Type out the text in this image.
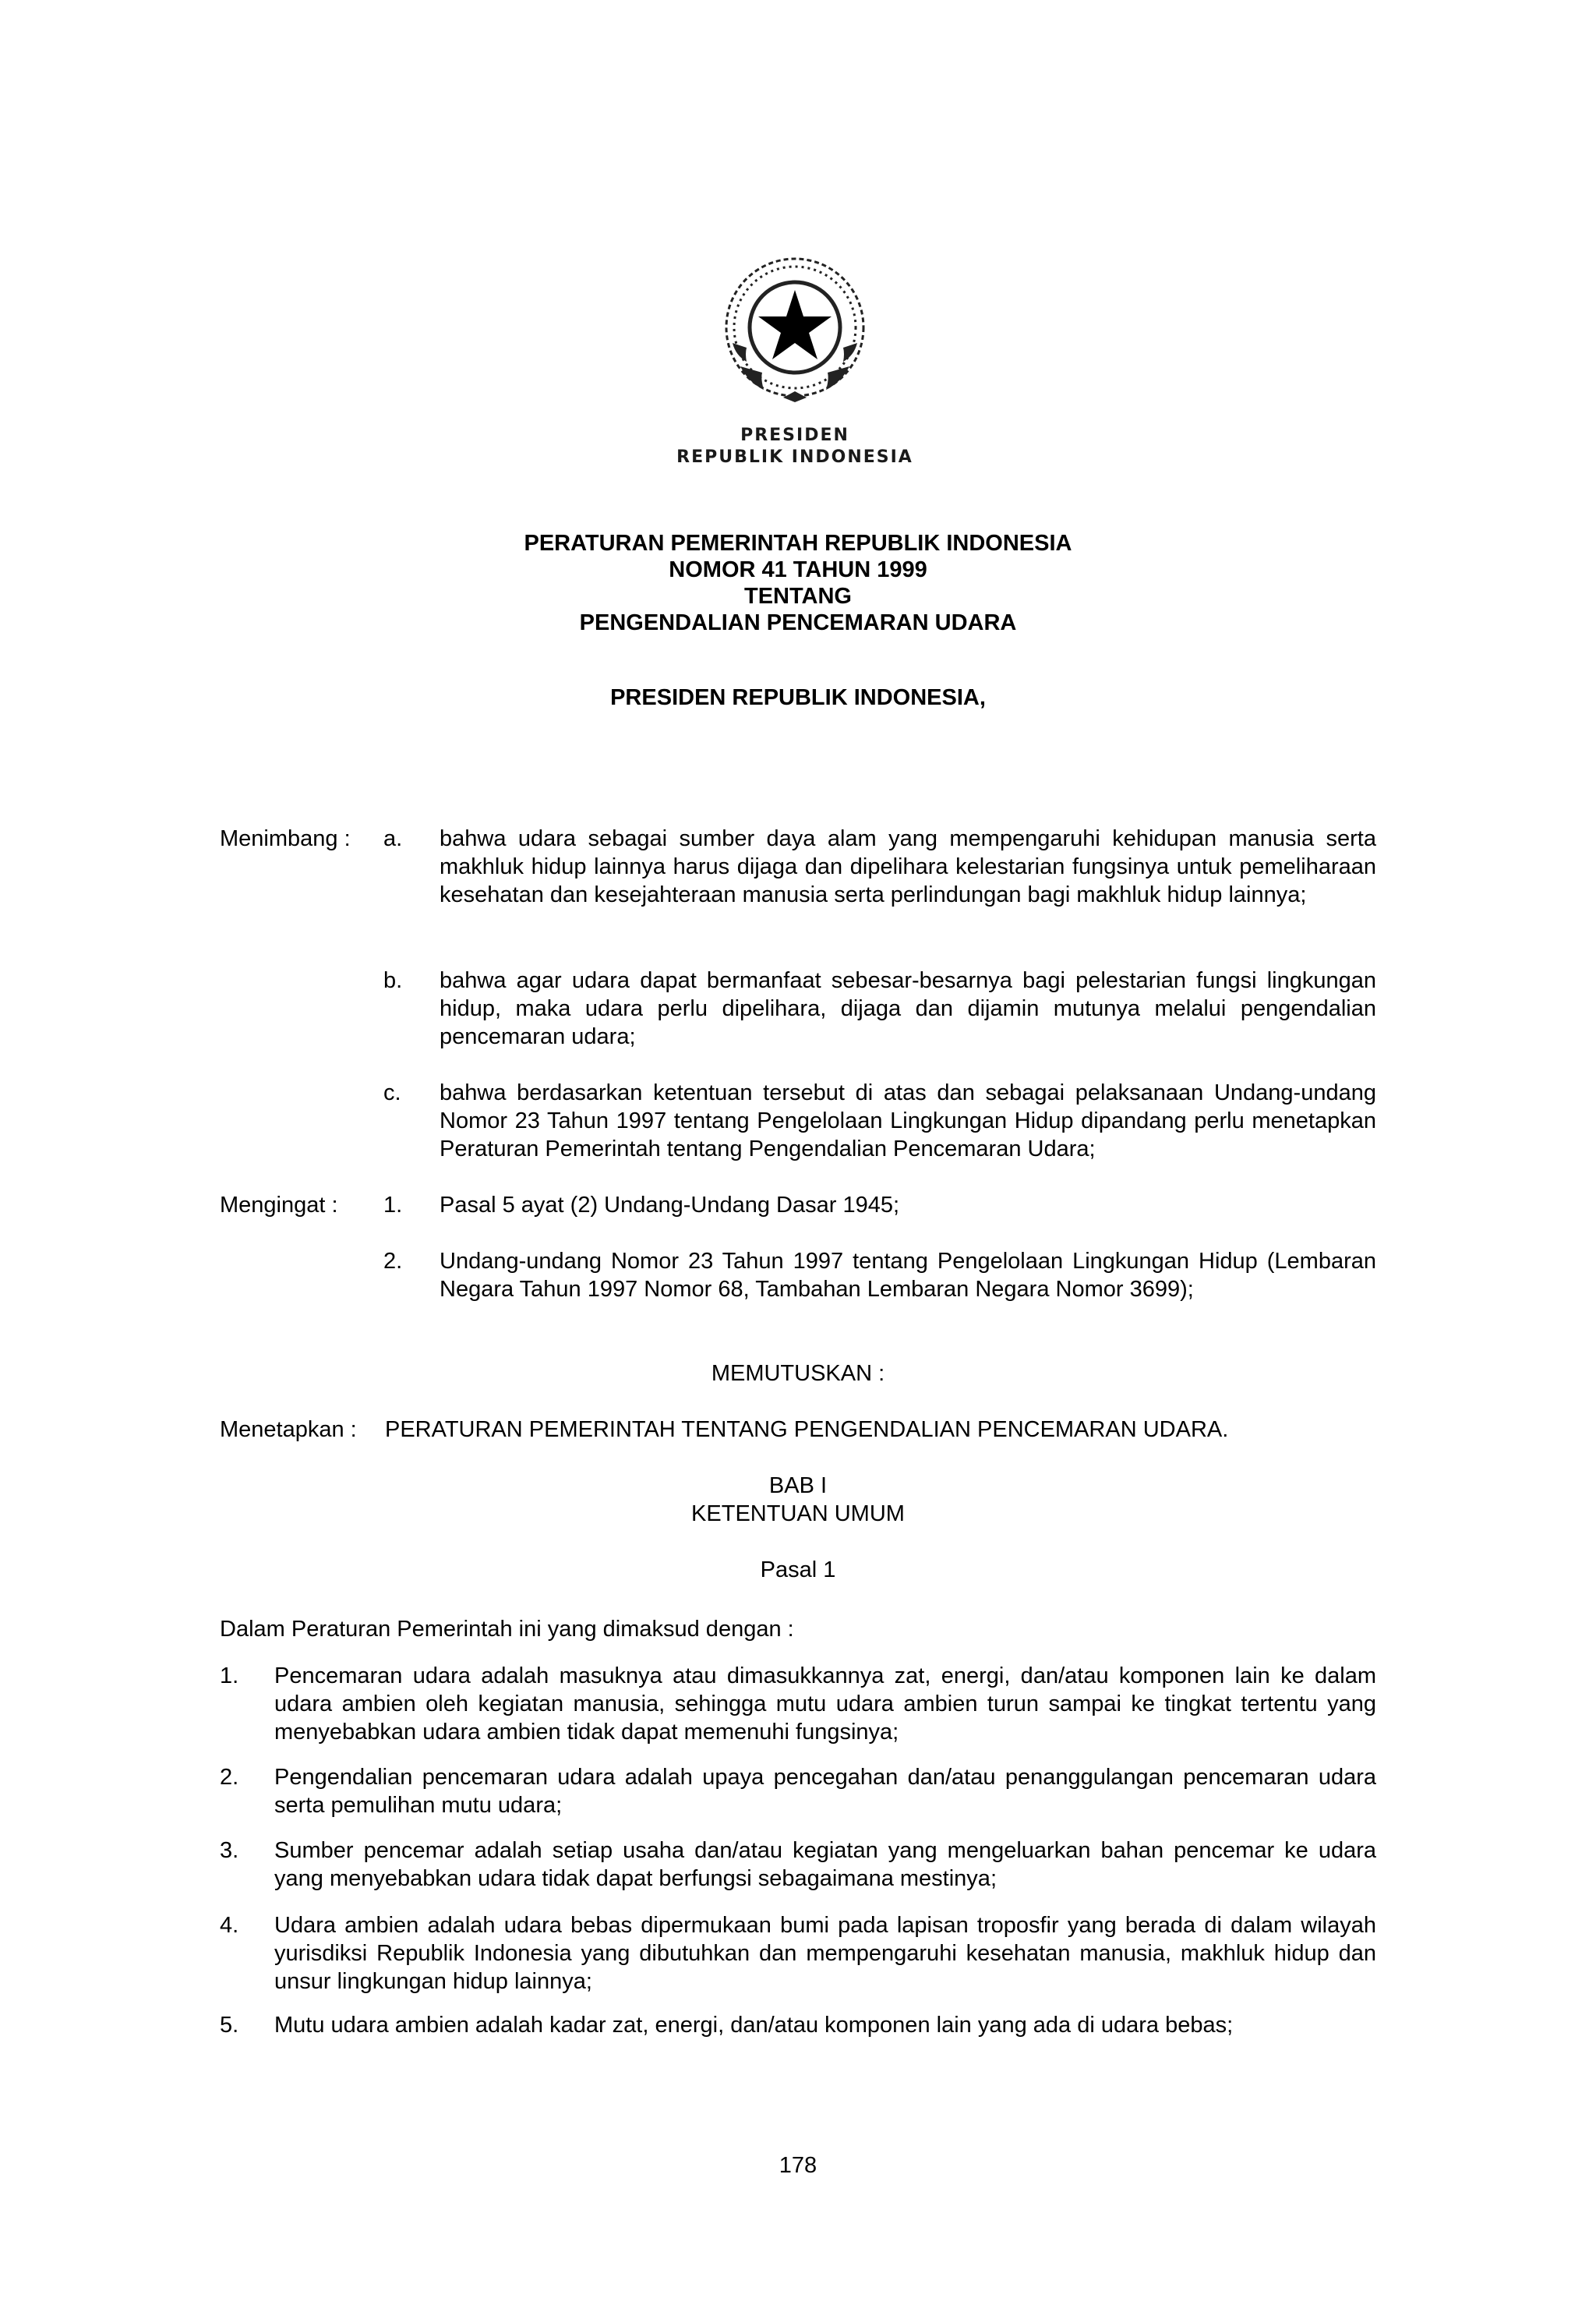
PRESIDEN
REPUBLIK INDONESIA
PERATURAN PEMERINTAH REPUBLIK INDONESIA
NOMOR 41 TAHUN 1999
TENTANG
PENGENDALIAN PENCEMARAN UDARA
PRESIDEN REPUBLIK INDONESIA,
Menimbang : a. bahwa udara sebagai sumber daya alam yang mempengaruhi kehidupan manusia serta makhluk hidup lainnya harus dijaga dan dipelihara kelestarian fungsinya untuk pemeliharaan kesehatan dan kesejahteraan manusia serta perlindungan bagi makhluk hidup lainnya;
b. bahwa agar udara dapat bermanfaat sebesar-besarnya bagi pelestarian fungsi lingkungan hidup, maka udara perlu dipelihara, dijaga dan dijamin mutunya melalui pengendalian pencemaran udara;
c. bahwa berdasarkan ketentuan tersebut di atas dan sebagai pelaksanaan Undang-undang Nomor 23 Tahun 1997 tentang Pengelolaan Lingkungan Hidup dipandang perlu menetapkan Peraturan Pemerintah tentang Pengendalian Pencemaran Udara;
Mengingat : 1. Pasal 5 ayat (2) Undang-Undang Dasar 1945;
2. Undang-undang Nomor 23 Tahun 1997 tentang Pengelolaan Lingkungan Hidup (Lembaran Negara Tahun 1997 Nomor 68, Tambahan Lembaran Negara Nomor 3699);
MEMUTUSKAN :
Menetapkan : PERATURAN PEMERINTAH TENTANG PENGENDALIAN PENCEMARAN UDARA.
BAB I
KETENTUAN UMUM
Pasal 1
Dalam Peraturan Pemerintah ini yang dimaksud dengan :
1. Pencemaran udara adalah masuknya atau dimasukkannya zat, energi, dan/atau komponen lain ke dalam udara ambien oleh kegiatan manusia, sehingga mutu udara ambien turun sampai ke tingkat tertentu yang menyebabkan udara ambien tidak dapat memenuhi fungsinya;
2. Pengendalian pencemaran udara adalah upaya pencegahan dan/atau penanggulangan pencemaran udara serta pemulihan mutu udara;
3. Sumber pencemar adalah setiap usaha dan/atau kegiatan yang mengeluarkan bahan pencemar ke udara yang menyebabkan udara tidak dapat berfungsi sebagaimana mestinya;
4. Udara ambien adalah udara bebas dipermukaan bumi pada lapisan troposfir yang berada di dalam wilayah yurisdiksi Republik Indonesia yang dibutuhkan dan mempengaruhi kesehatan manusia, makhluk hidup dan unsur lingkungan hidup lainnya;
5. Mutu udara ambien adalah kadar zat, energi, dan/atau komponen lain yang ada di udara bebas;
178
